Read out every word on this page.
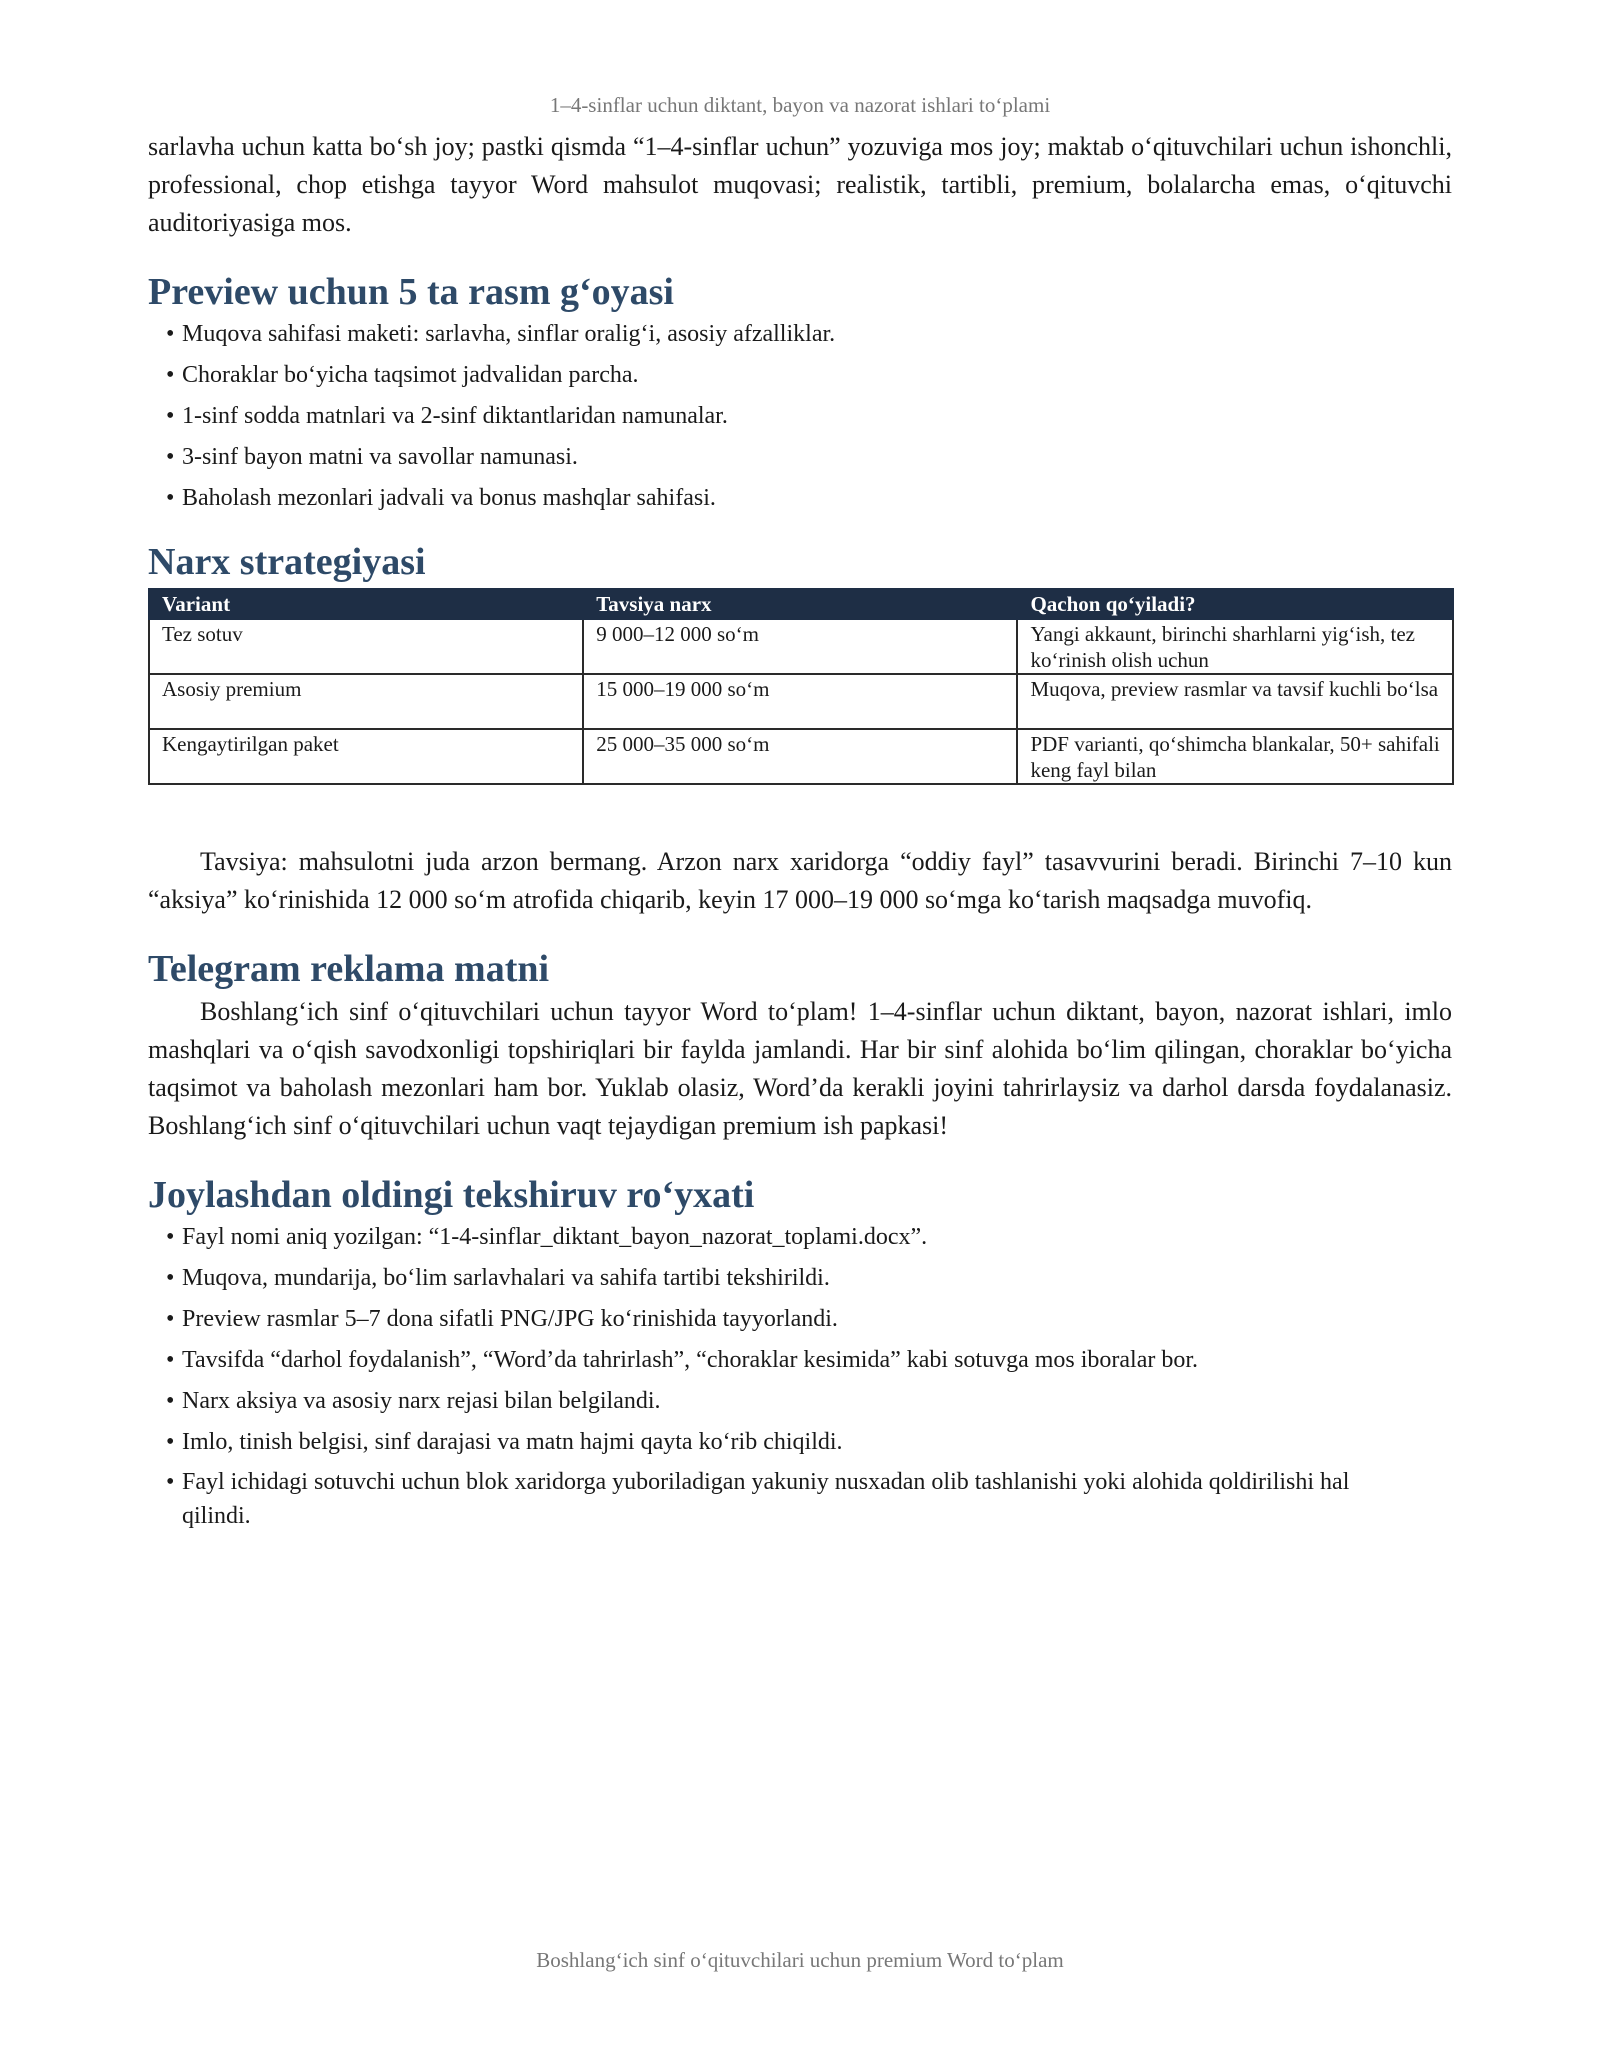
1–4-sinflar uchun diktant, bayon va nazorat ishlari to‘plami

sarlavha uchun katta bo‘sh joy; pastki qismda “1–4-sinflar uchun” yozuviga mos joy; maktab o‘qituvchilari uchun ishonchli, professional, chop etishga tayyor Word mahsulot muqovasi; realistik, tartibli, premium, bolalarcha emas, o‘qituvchi auditoriyasiga mos.

Preview uchun 5 ta rasm g‘oyasi
• Muqova sahifasi maketi: sarlavha, sinflar oralig‘i, asosiy afzalliklar.
• Choraklar bo‘yicha taqsimot jadvalidan parcha.
• 1-sinf sodda matnlari va 2-sinf diktantlaridan namunalar.
• 3-sinf bayon matni va savollar namunasi.
• Baholash mezonlari jadvali va bonus mashqlar sahifasi.
Narx strategiyasi
Variant	Tavsiya narx	Qachon qo‘yiladi?
Tez sotuv	9 000–12 000 so‘m	Yangi akkaunt, birinchi sharhlarni yig‘ish, tez ko‘rinish olish uchun
Asosiy premium	15 000–19 000 so‘m	Muqova, preview rasmlar va tavsif kuchli bo‘lsa
Kengaytirilgan paket	25 000–35 000 so‘m	PDF varianti, qo‘shimcha blankalar, 50+ sahifali keng fayl bilan

Tavsiya: mahsulotni juda arzon bermang. Arzon narx xaridorga “oddiy fayl” tasavvurini beradi. Birinchi 7–10 kun “aksiya” ko‘rinishida 12 000 so‘m atrofida chiqarib, keyin 17 000–19 000 so‘mga ko‘tarish maqsadga muvofiq.

Telegram reklama matni

Boshlang‘ich sinf o‘qituvchilari uchun tayyor Word to‘plam! 1–4-sinflar uchun diktant, bayon, nazorat ishlari, imlo mashqlari va o‘qish savodxonligi topshiriqlari bir faylda jamlandi. Har bir sinf alohida bo‘lim qilingan, choraklar bo‘yicha taqsimot va baholash mezonlari ham bor. Yuklab olasiz, Word’da kerakli joyini tahrirlaysiz va darhol darsda foydalanasiz. Boshlang‘ich sinf o‘qituvchilari uchun vaqt tejaydigan premium ish papkasi!

Joylashdan oldingi tekshiruv ro‘yxati
• Fayl nomi aniq yozilgan: “1-4-sinflar_diktant_bayon_nazorat_toplami.docx”.
• Muqova, mundarija, bo‘lim sarlavhalari va sahifa tartibi tekshirildi.
• Preview rasmlar 5–7 dona sifatli PNG/JPG ko‘rinishida tayyorlandi.
• Tavsifda “darhol foydalanish”, “Word’da tahrirlash”, “choraklar kesimida” kabi sotuvga mos iboralar bor.
• Narx aksiya va asosiy narx rejasi bilan belgilandi.
• Imlo, tinish belgisi, sinf darajasi va matn hajmi qayta ko‘rib chiqildi.
• Fayl ichidagi sotuvchi uchun blok xaridorga yuboriladigan yakuniy nusxadan olib tashlanishi yoki alohida qoldirilishi hal qilindi.
Boshlang‘ich sinf o‘qituvchilari uchun premium Word to‘plam
